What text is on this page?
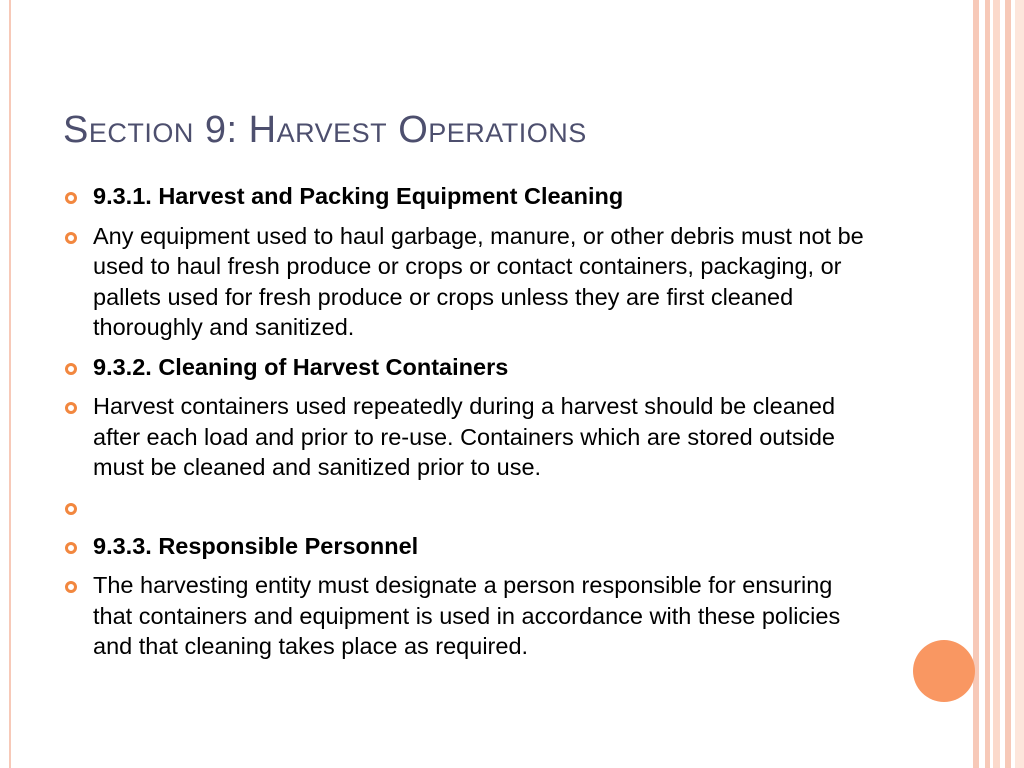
Section 9: Harvest Operations
9.3.1. Harvest and Packing Equipment Cleaning
Any equipment used to haul garbage, manure, or other debris must not be used to haul fresh produce or crops or contact containers, packaging, or pallets used for fresh produce or crops unless they are first cleaned thoroughly and sanitized.
9.3.2. Cleaning of Harvest Containers
Harvest containers used repeatedly during a harvest should be cleaned after each load and prior to re-use. Containers which are stored outside must be cleaned and sanitized prior to use.
9.3.3. Responsible Personnel
The harvesting entity must designate a person responsible for ensuring that containers and equipment is used in accordance with these policies and that cleaning takes place as required.
